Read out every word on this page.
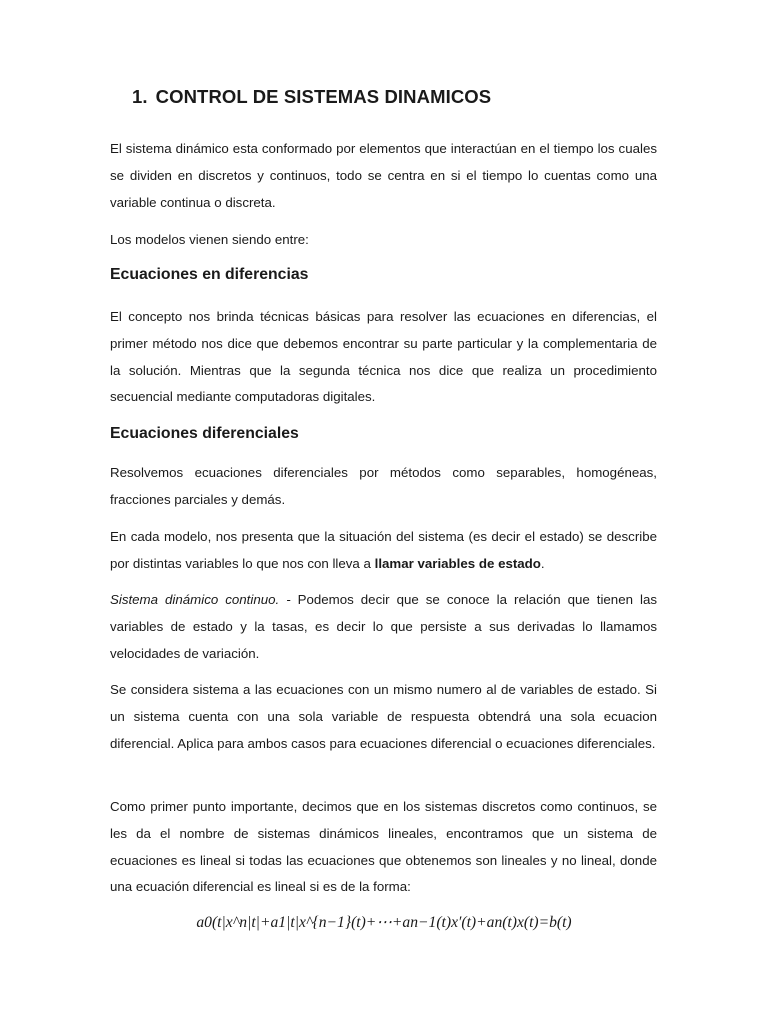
1. CONTROL DE SISTEMAS DINAMICOS

El sistema dinámico esta conformado por elementos que interactúan en el tiempo los cuales se dividen en discretos y continuos, todo se centra en si el tiempo lo cuentas como una variable continua o discreta.

Los modelos vienen siendo entre:

Ecuaciones en diferencias

El concepto nos brinda técnicas básicas para resolver las ecuaciones en diferencias, el primer método nos dice que debemos encontrar su parte particular y la complementaria de la solución. Mientras que la segunda técnica nos dice que realiza un procedimiento secuencial mediante computadoras digitales.

Ecuaciones diferenciales

Resolvemos ecuaciones diferenciales por métodos como separables, homogéneas, fracciones parciales y demás.

En cada modelo, nos presenta que la situación del sistema (es decir el estado) se describe por distintas variables lo que nos con lleva a llamar variables de estado.

Sistema dinámico continuo. - Podemos decir que se conoce la relación que tienen las variables de estado y la tasas, es decir lo que persiste a sus derivadas lo llamamos velocidades de variación.

Se considera sistema a las ecuaciones con un mismo numero al de variables de estado. Si un sistema cuenta con una sola variable de respuesta obtendrá una sola ecuacion diferencial. Aplica para ambos casos para ecuaciones diferencial o ecuaciones diferenciales.

Como primer punto importante, decimos que en los sistemas discretos como continuos, se les da el nombre de sistemas dinámicos lineales, encontramos que un sistema de ecuaciones es lineal si todas las ecuaciones que obtenemos son lineales y no lineal, donde una ecuación diferencial es lineal si es de la forma:

a0(t|x^n|t|+a1|t|x^{n−1}(t)+⋯+an−1(t)x′(t)+an(t)x(t)=b(t)
